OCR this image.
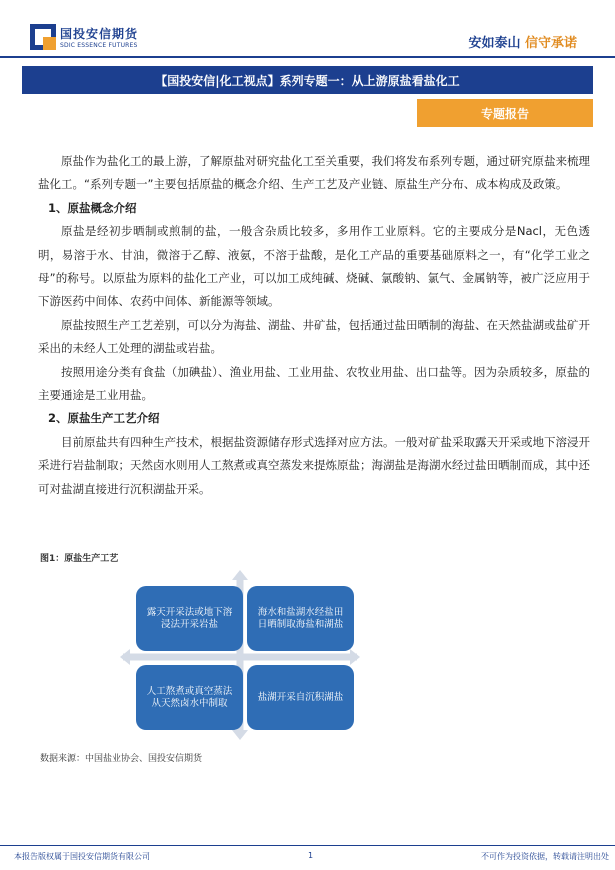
国投安信期货
SDIC ESSENCE FUTURES	安如泰山 信守承诺
【国投安信|化工视点】系列专题一：从上游原盐看盐化工
专题报告

原盐作为盐化工的最上游，了解原盐对研究盐化工至关重要，我们将发布系列专题，通过研究原盐来梳理盐化工。“系列专题一”主要包括原盐的概念介绍、生产工艺及产业链、原盐生产分布、成本构成及政策。

1、原盐概念介绍

原盐是经初步晒制或煎制的盐，一般含杂质比较多，多用作工业原料。它的主要成分是Nacl，无色透明，易溶于水、甘油，微溶于乙醇、液氨，不溶于盐酸，是化工产品的重要基础原料之一，有“化学工业之母”的称号。以原盐为原料的盐化工产业，可以加工成纯碱、烧碱、氯酸钠、氯气、金属钠等，被广泛应用于下游医药中间体、农药中间体、新能源等领域。

原盐按照生产工艺差别，可以分为海盐、湖盐、井矿盐，包括通过盐田晒制的海盐、在天然盐湖或盐矿开采出的未经人工处理的湖盐或岩盐。

按照用途分类有食盐（加碘盐）、渔业用盐、工业用盐、农牧业用盐、出口盐等。因为杂质较多，原盐的主要通途是工业用盐。

2、原盐生产工艺介绍

目前原盐共有四种生产技术，根据盐资源储存形式选择对应方法。一般对矿盐采取露天开采或地下溶浸开采进行岩盐制取；天然卤水则用人工熬煮或真空蒸发来提炼原盐；海湖盐是海湖水经过盐田晒制而成，其中还可对盐湖直接进行沉积湖盐开采。

图1：原盐生产工艺
露天开采法或地下溶浸法开采岩盐
海水和盐湖水经盐田日晒制取海盐和湖盐
人工熬煮或真空蒸法从天然卤水中制取
盐湖开采自沉积湖盐
数据来源：中国盐业协会、国投安信期货
本报告版权属于国投安信期货有限公司	1	不可作为投资依据，转载请注明出处
